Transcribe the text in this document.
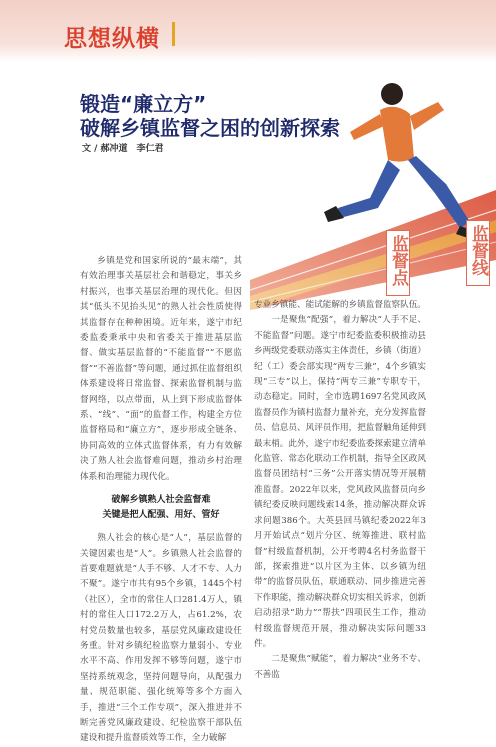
思想纵横
锻造“廉立方”
破解乡镇监督之困的创新探索
文 / 郝冲道　李仁君
监督线
监督点

乡镇是党和国家所说的“最末端”，其有效治理事关基层社会和谐稳定，事关乡村振兴，也事关基层治理的现代化。但因其“低头不见抬头见”的熟人社会性质使得其监督存在种种困境。近年来，遂宁市纪委监委秉承中央和省委关于推进基层监督、做实基层监督的“不能监督”“不愿监督”“不善监督”等问题，通过抓住监督组织体系建设将日常监督、探索监督机制与监督网络，以点带面，从上到下形成监督体系、“线”、“面”的监督工作，构建全方位监督格局和“廉立方”，逐步形成全链条、协同高效的立体式监督体系，有力有效解决了熟人社会监督难问题，推动乡村治理体系和治理能力现代化。

破解乡镇熟人社会监督难
关键是把人配强、用好、管好

熟人社会的核心是“人”，基层监督的关键因素也是“人”。乡镇熟人社会监督的首要难题就是“人手不够、人才不专、人力不聚”。遂宁市共有95个乡镇，1445个村（社区），全市的常住人口281.4万人，镇村的常住人口172.2万人，占61.2%，农村党员数量也较多，基层党风廉政建设任务重。针对乡镇纪检监察力量弱小、专业水平不高、作用发挥不够等问题，遂宁市坚持系统观念，坚持问题导向，从配强力量、规范职能、强化统筹等多个方面入手，推进“三个工作专项”，深入推进并不断完善党风廉政建设、纪检监察干部队伍建设和提升监督质效等工作，全力破解

专业乡镇能、能试能解的乡镇监督监察队伍。

一是聚焦“配强”，着力解决“人手不足、不能监督”问题。遂宁市纪委监委积极推动县乡两级党委联动落实主体责任，乡镇（街道）纪（工）委会部实现“两专三兼”，4个乡镇实现“三专”以上，保持“两专三兼”专职专干，动态稳定。同时，全市选聘1697名党风政风监督员作为镇村监督力量补充，充分发挥监督员、信息员、风评员作用，把监督触角延伸到最末梢。此外，遂宁市纪委监委探索建立清单化监管、常态化联动工作机制，指导全区政风监督员团结村“三务”公开落实情况等开展精准监督。2022年以来，党风政风监督员向乡镇纪委反映问题线索14条，推动解决群众诉求问题386个。大英县回马镇纪委2022年3月开始试点“划片分区、统筹推进、联村监督”村级监督机制，公开考聘4名村务监督干部，探索推进“以片区为主体、以乡镇为纽带”的监督员队伍，联通联动、同步推进完善下作职能，推动解决群众切实相关诉求，创新启动招录“助力”“帮扶”四项民生工作，推动村级监督规范开展，推动解决实际问题33件。

二是聚焦“赋能”，着力解决“业务不专、不善监
